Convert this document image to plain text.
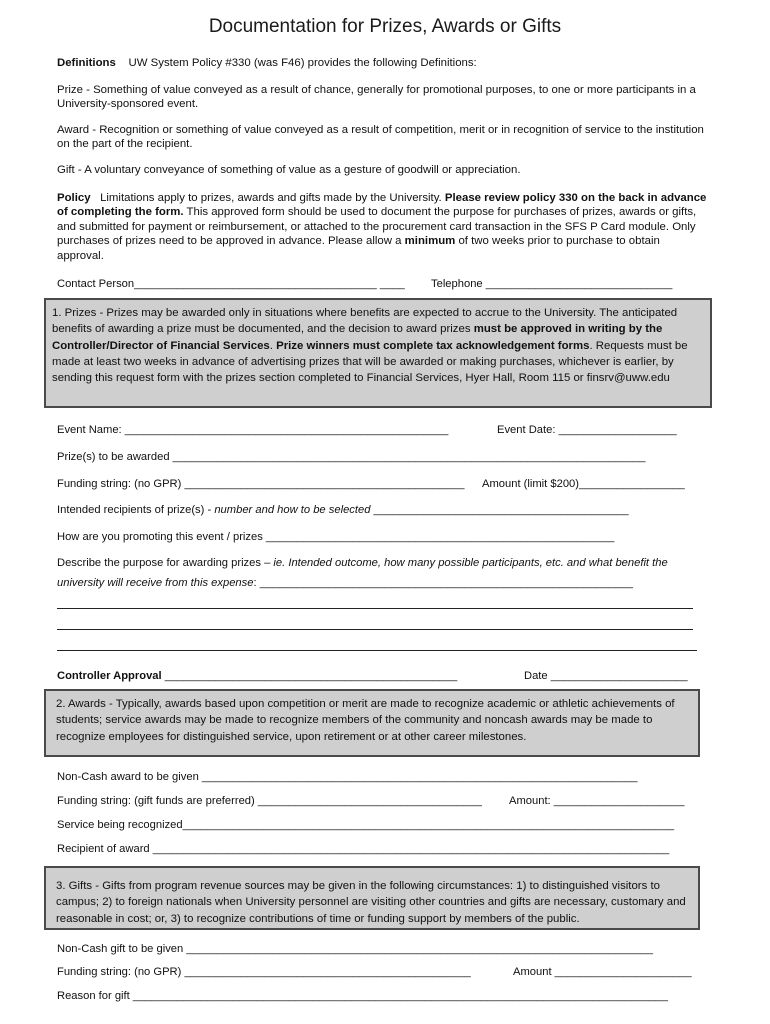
Documentation for Prizes, Awards or Gifts
Definitions UW System Policy #330 (was F46) provides the following Definitions:
Prize - Something of value conveyed as a result of chance, generally for promotional purposes, to one or more participants in a University-sponsored event.
Award - Recognition or something of value conveyed as a result of competition, merit or in recognition of service to the institution on the part of the recipient.
Gift - A voluntary conveyance of something of value as a gesture of goodwill or appreciation.
Policy Limitations apply to prizes, awards and gifts made by the University. Please review policy 330 on the back in advance of completing the form. This approved form should be used to document the purpose for purchases of prizes, awards or gifts, and submitted for payment or reimbursement, or attached to the procurement card transaction in the SFS P Card module. Only purchases of prizes need to be approved in advance. Please allow a minimum of two weeks prior to purchase to obtain approval.
Contact Person_______________________________________ ____ Telephone ______________________________
1. Prizes - Prizes may be awarded only in situations where benefits are expected to accrue to the University. The anticipated benefits of awarding a prize must be documented, and the decision to award prizes must be approved in writing by the Controller/Director of Financial Services. Prize winners must complete tax acknowledgement forms. Requests must be made at least two weeks in advance of advertising prizes that will be awarded or making purchases, whichever is earlier, by sending this request form with the prizes section completed to Financial Services, Hyer Hall, Room 115 or finsrv@uww.edu
Event Name: ____________________________________________________	Event Date: ___________________
Prize(s) to be awarded ____________________________________________________________________________
Funding string: (no GPR) _____________________________________________ Amount (limit $200)_________________
Intended recipients of prize(s) - number and how to be selected _________________________________________
How are you promoting this event / prizes ________________________________________________________
Describe the purpose for awarding prizes – ie. Intended outcome, how many possible participants, etc. and what benefit the
university will receive from this expense: ____________________________________________________________
Controller Approval _______________________________________________	Date ______________________
2. Awards - Typically, awards based upon competition or merit are made to recognize academic or athletic achievements of students; service awards may be made to recognize members of the community and noncash awards may be made to recognize employees for distinguished service, upon retirement or at other career milestones.
Non-Cash award to be given ______________________________________________________________________
Funding string: (gift funds are preferred) ____________________________________ Amount: _____________________
Service being recognized_______________________________________________________________________________
Recipient of award ___________________________________________________________________________________
3. Gifts - Gifts from program revenue sources may be given in the following circumstances: 1) to distinguished visitors to campus; 2) to foreign nationals when University personnel are visiting other countries and gifts are necessary, customary and reasonable in cost; or, 3) to recognize contributions of time or funding support by members of the public.
Non-Cash gift to be given ___________________________________________________________________________
Funding string: (no GPR) ______________________________________________	Amount ______________________
Reason for gift ______________________________________________________________________________________
